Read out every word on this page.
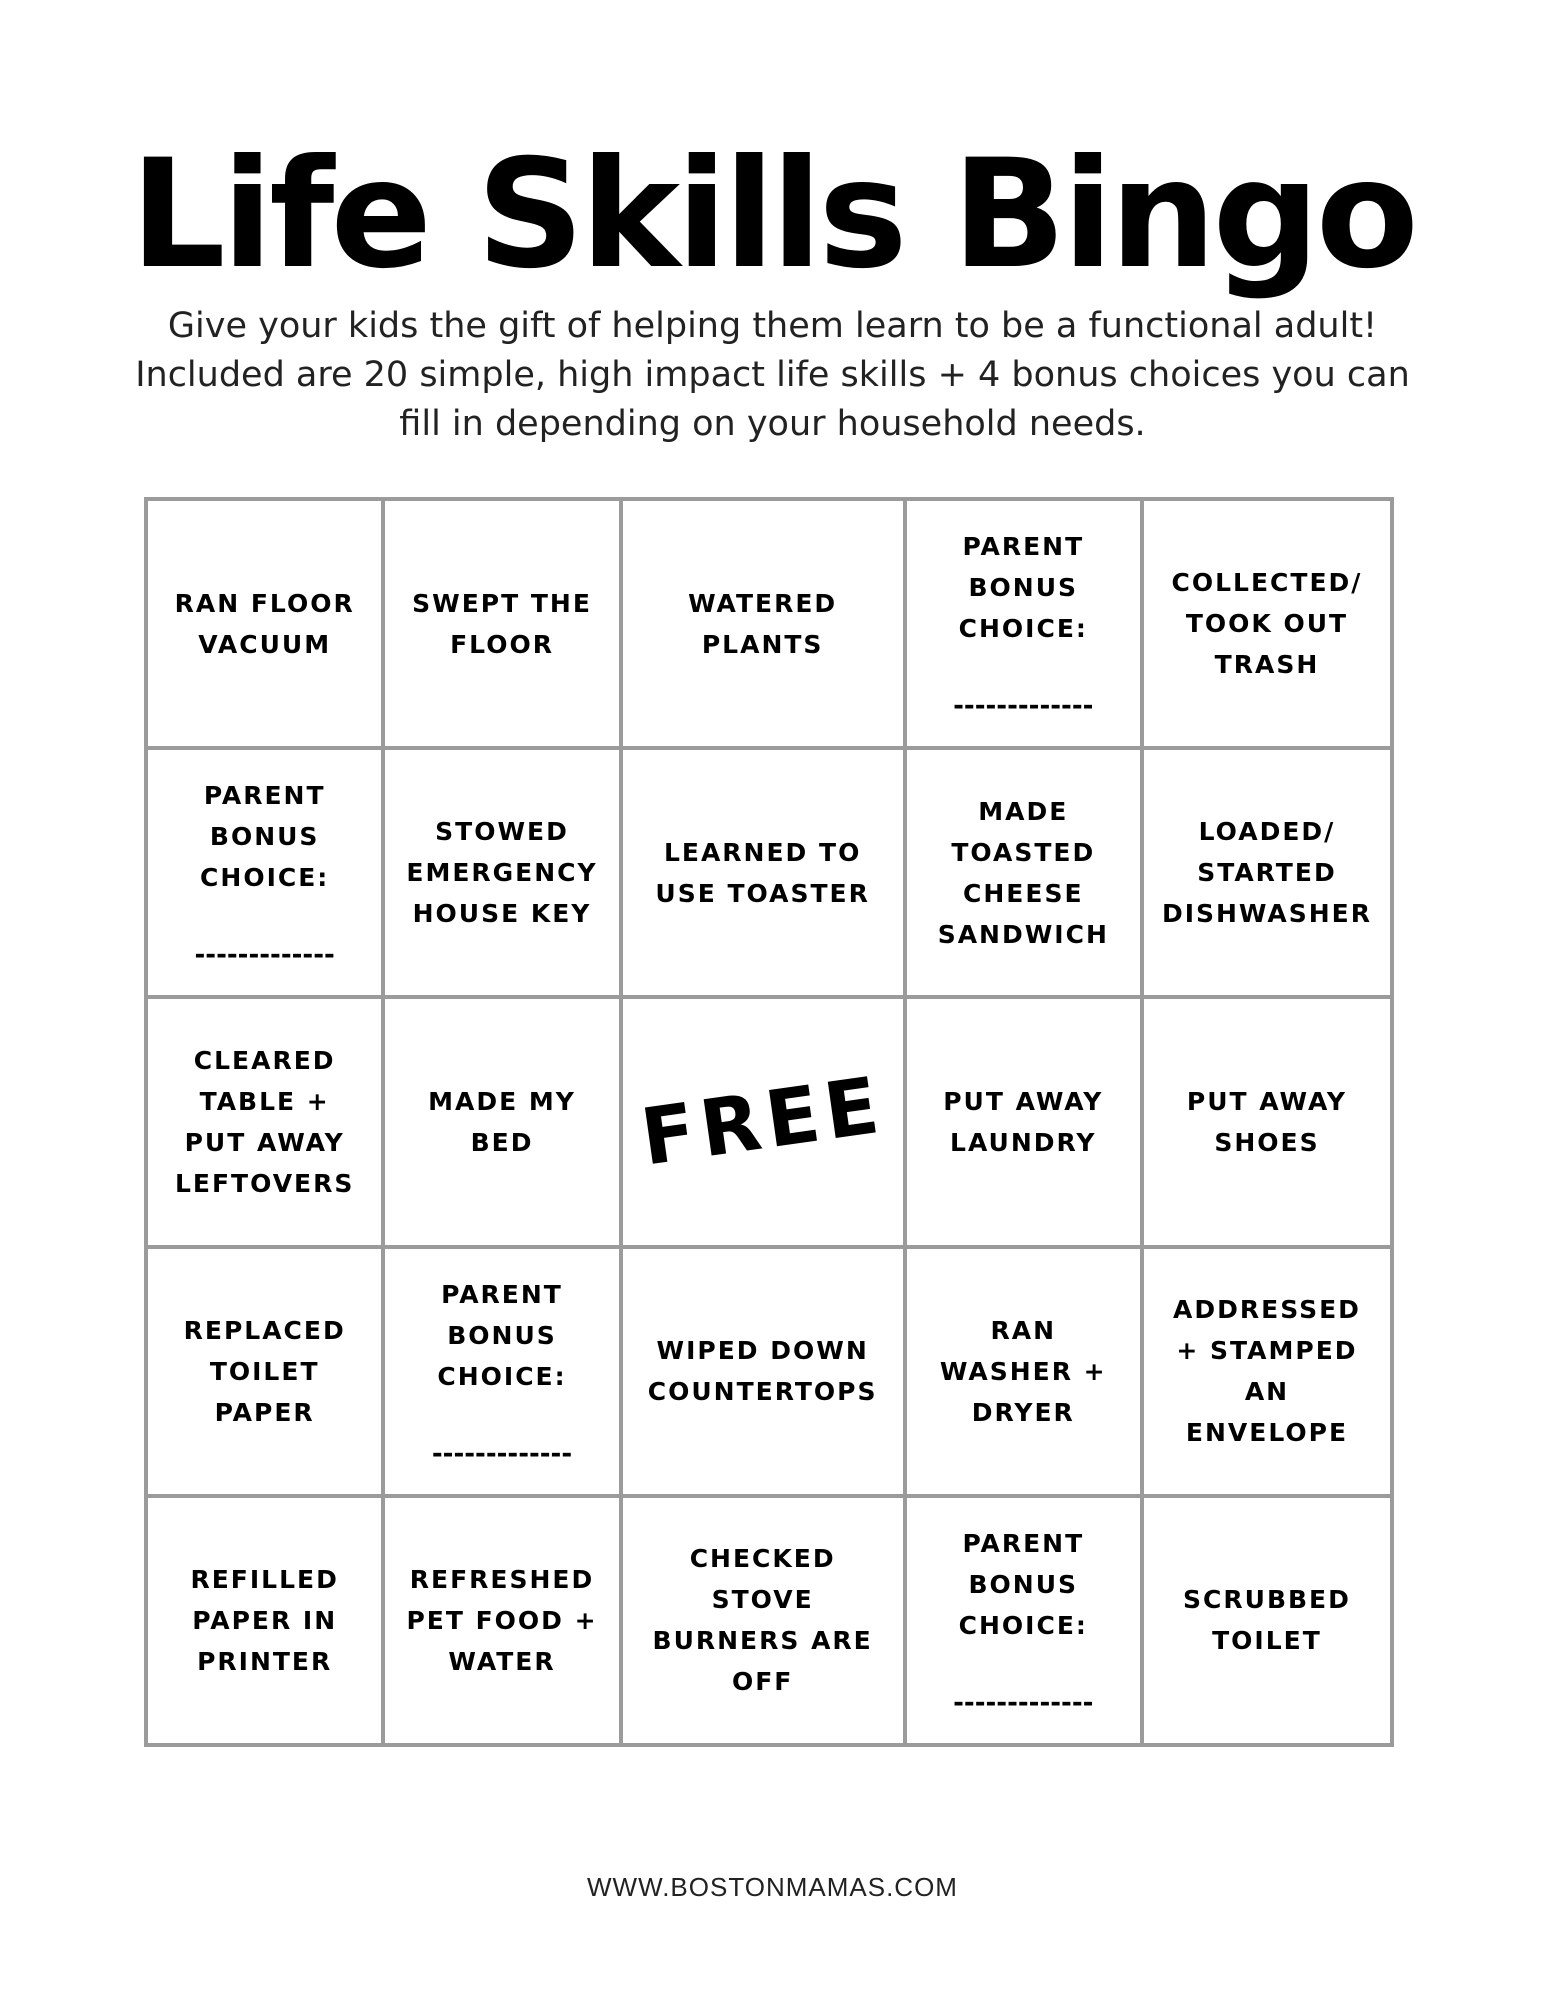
Life Skills Bingo
Give your kids the gift of helping them learn to be a functional adult!
Included are 20 simple, high impact life skills + 4 bonus choices you can
fill in depending on your household needs.
RAN FLOOR VACUUM
SWEPT THE FLOOR
WATERED PLANTS
PARENT BONUS CHOICE:
-------------
COLLECTED/ TOOK OUT TRASH
PARENT BONUS CHOICE:
-------------
STOWED EMERGENCY HOUSE KEY
LEARNED TO USE TOASTER
MADE TOASTED CHEESE SANDWICH
LOADED/ STARTED DISHWASHER
CLEARED TABLE + PUT AWAY LEFTOVERS
MADE MY BED	FREE	PUT AWAY LAUNDRY
PUT AWAY SHOES
REPLACED TOILET PAPER
PARENT BONUS CHOICE:
-------------
WIPED DOWN COUNTERTOPS
RAN WASHER + DRYER
ADDRESSED + STAMPED AN ENVELOPE
REFILLED PAPER IN PRINTER
REFRESHED PET FOOD + WATER
CHECKED STOVE BURNERS ARE OFF
PARENT BONUS CHOICE:
-------------
SCRUBBED TOILET
WWW.BOSTONMAMAS.COM
